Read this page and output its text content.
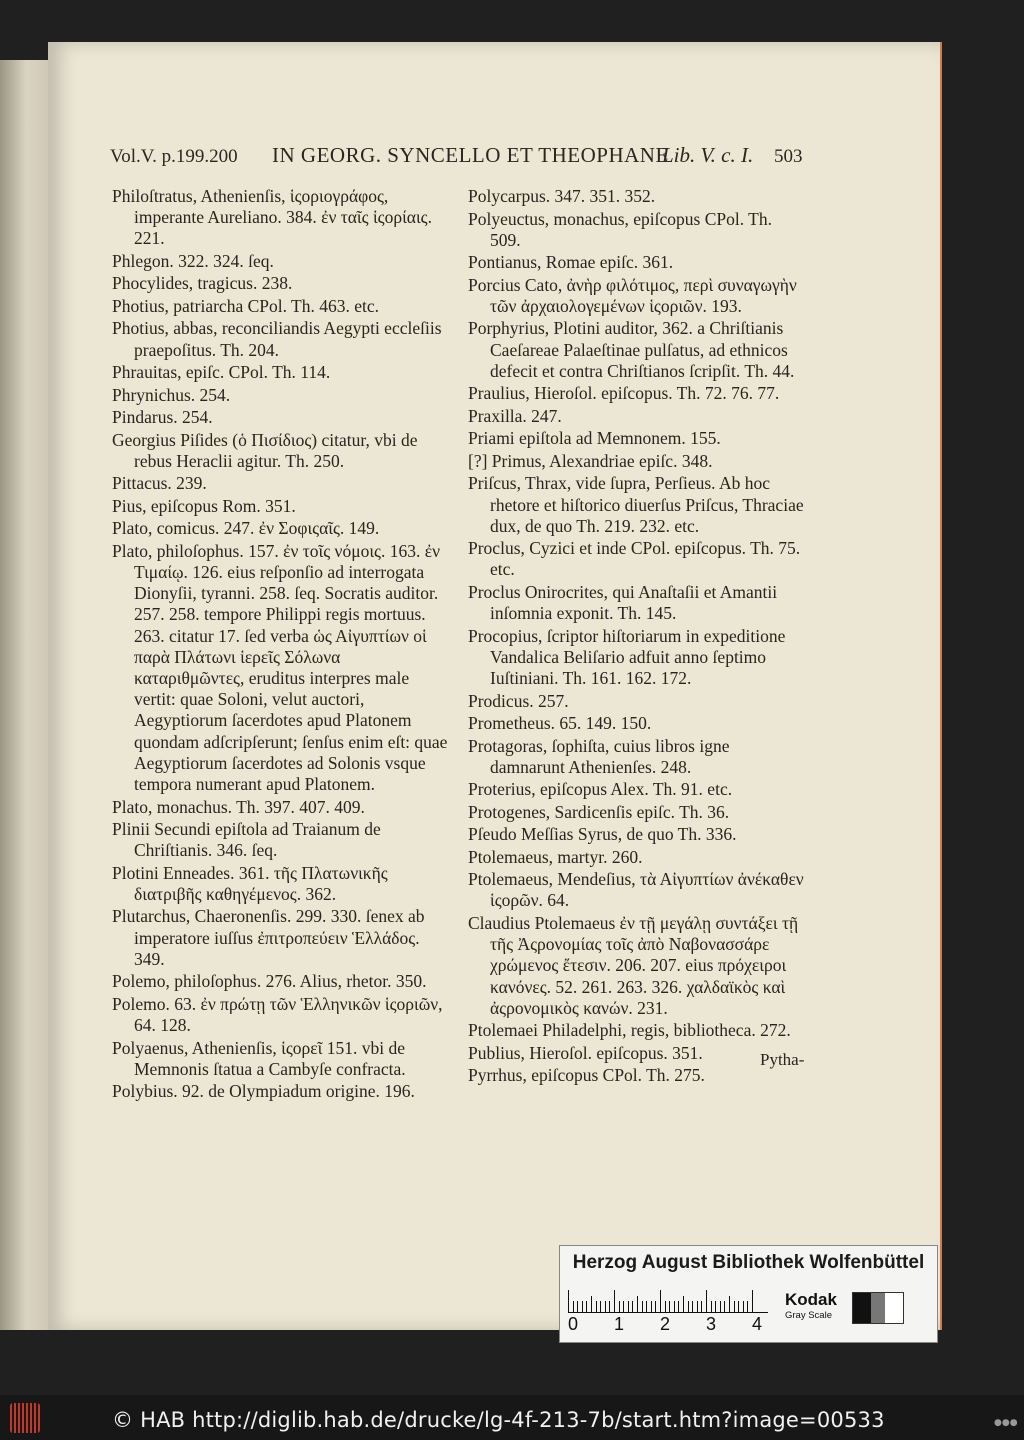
Vol.V. p.199.200 IN GEORG. SYNCELLO ET THEOPHANE
Lib. V. c. I. 503
Philoſtratus, Athenienſis, ἱςοριογράφος, imperante Aureliano. 384. ἐν ταῖς ἱςορίαις. 221.
Phlegon. 322. 324. ſeq.
Phocylides, tragicus. 238.
Photius, patriarcha CPol. Th. 463. etc.
Photius, abbas, reconciliandis Aegypti eccleſiis praepoſitus. Th. 204.
Phrauitas, epiſc. CPol. Th. 114.
Phrynichus. 254.
Pindarus. 254.
Georgius Piſides (ὁ Πισίδιος) citatur, vbi de rebus Heraclii agitur. Th. 250.
Pittacus. 239.
Pius, epiſcopus Rom. 351.
Plato, comicus. 247. ἐν Σοφιςαῖς. 149.
Plato, philoſophus. 157. ἐν τοῖς νόμοις. 163. ἐν Τιμαίῳ. 126. eius reſponſio ad interrogata Dionyſii, tyranni. 258. ſeq. Socratis auditor. 257. 258. tempore Philippi regis mortuus. 263. citatur 17. ſed verba ὡς Αἰγυπτίων οἱ παρὰ Πλάτωνι ἱερεῖς Σόλωνα καταριθμῶντες, eruditus interpres male vertit: quae Soloni, velut auctori, Aegyptiorum ſacerdotes apud Platonem quondam adſcripſerunt; ſenſus enim eſt: quae Aegyptiorum ſacerdotes ad Solonis vsque tempora numerant apud Platonem.
Plato, monachus. Th. 397. 407. 409.
Plinii Secundi epiſtola ad Traianum de Chriſtianis. 346. ſeq.
Plotini Enneades. 361. τῆς Πλατωνικῆς διατριβῆς καθηγέμενος. 362.
Plutarchus, Chaeronenſis. 299. 330. ſenex ab imperatore iuſſus ἐπιτροπεύειν Ἑλλάδος. 349.
Polemo, philoſophus. 276. Alius, rhetor. 350.
Polemo. 63. ἐν πρώτῃ τῶν Ἑλληνικῶν ἱςοριῶν, 64. 128.
Polyaenus, Athenienſis, ἱςορεῖ 151. vbi de Memnonis ſtatua a Cambyſe confracta.
Polybius. 92. de Olympiadum origine. 196.
Polycarpus. 347. 351. 352.
Polyeuctus, monachus, epiſcopus CPol. Th. 509.
Pontianus, Romae epiſc. 361.
Porcius Cato, ἀνὴρ φιλότιμος, περὶ συναγωγὴν τῶν ἀρχαιολογεμένων ἱςοριῶν. 193.
Porphyrius, Plotini auditor, 362. a Chriſtianis Caeſareae Palaeſtinae pulſatus, ad ethnicos defecit et contra Chriſtianos ſcripſit. Th. 44.
Praulius, Hieroſol. epiſcopus. Th. 72. 76. 77.
Praxilla. 247.
Priami epiſtola ad Memnonem. 155.
[?] Primus, Alexandriae epiſc. 348.
Priſcus, Thrax, vide ſupra, Perſieus. Ab hoc rhetore et hiſtorico diuerſus Priſcus, Thraciae dux, de quo Th. 219. 232. etc.
Proclus, Cyzici et inde CPol. epiſcopus. Th. 75. etc.
Proclus Onirocrites, qui Anaſtaſii et Amantii inſomnia exponit. Th. 145.
Procopius, ſcriptor hiſtoriarum in expeditione Vandalica Beliſario adfuit anno ſeptimo Iuſtiniani. Th. 161. 162. 172.
Prodicus. 257.
Prometheus. 65. 149. 150.
Protagoras, ſophiſta, cuius libros igne damnarunt Athenienſes. 248.
Proterius, epiſcopus Alex. Th. 91. etc.
Protogenes, Sardicenſis epiſc. Th. 36.
Pſeudo Meſſias Syrus, de quo Th. 336.
Ptolemaeus, martyr. 260.
Ptolemaeus, Mendeſius, τὰ Αἰγυπτίων ἀνέκαθεν ἱςορῶν. 64.
Claudius Ptolemaeus ἐν τῇ μεγάλῃ συντάξει τῇ τῆς Ἀςρονομίας τοῖς ἀπὸ Ναβονασσάρε χρώμενος ἔτεσιν. 206. 207. eius πρόχειροι κανόνες. 52. 261. 263. 326. χαλδαϊκὸς καὶ ἀςρονομικὸς κανών. 231.
Ptolemaei Philadelphi, regis, bibliotheca. 272.
Publius, Hieroſol. epiſcopus. 351.
Pyrrhus, epiſcopus CPol. Th. 275.
Pytha-
Herzog August Bibliothek Wolfenbüttel
0 1 2 3 4
Kodak
Gray Scale
© HAB http://diglib.hab.de/drucke/lg-4f-213-7b/start.htm?image=00533	●●●
